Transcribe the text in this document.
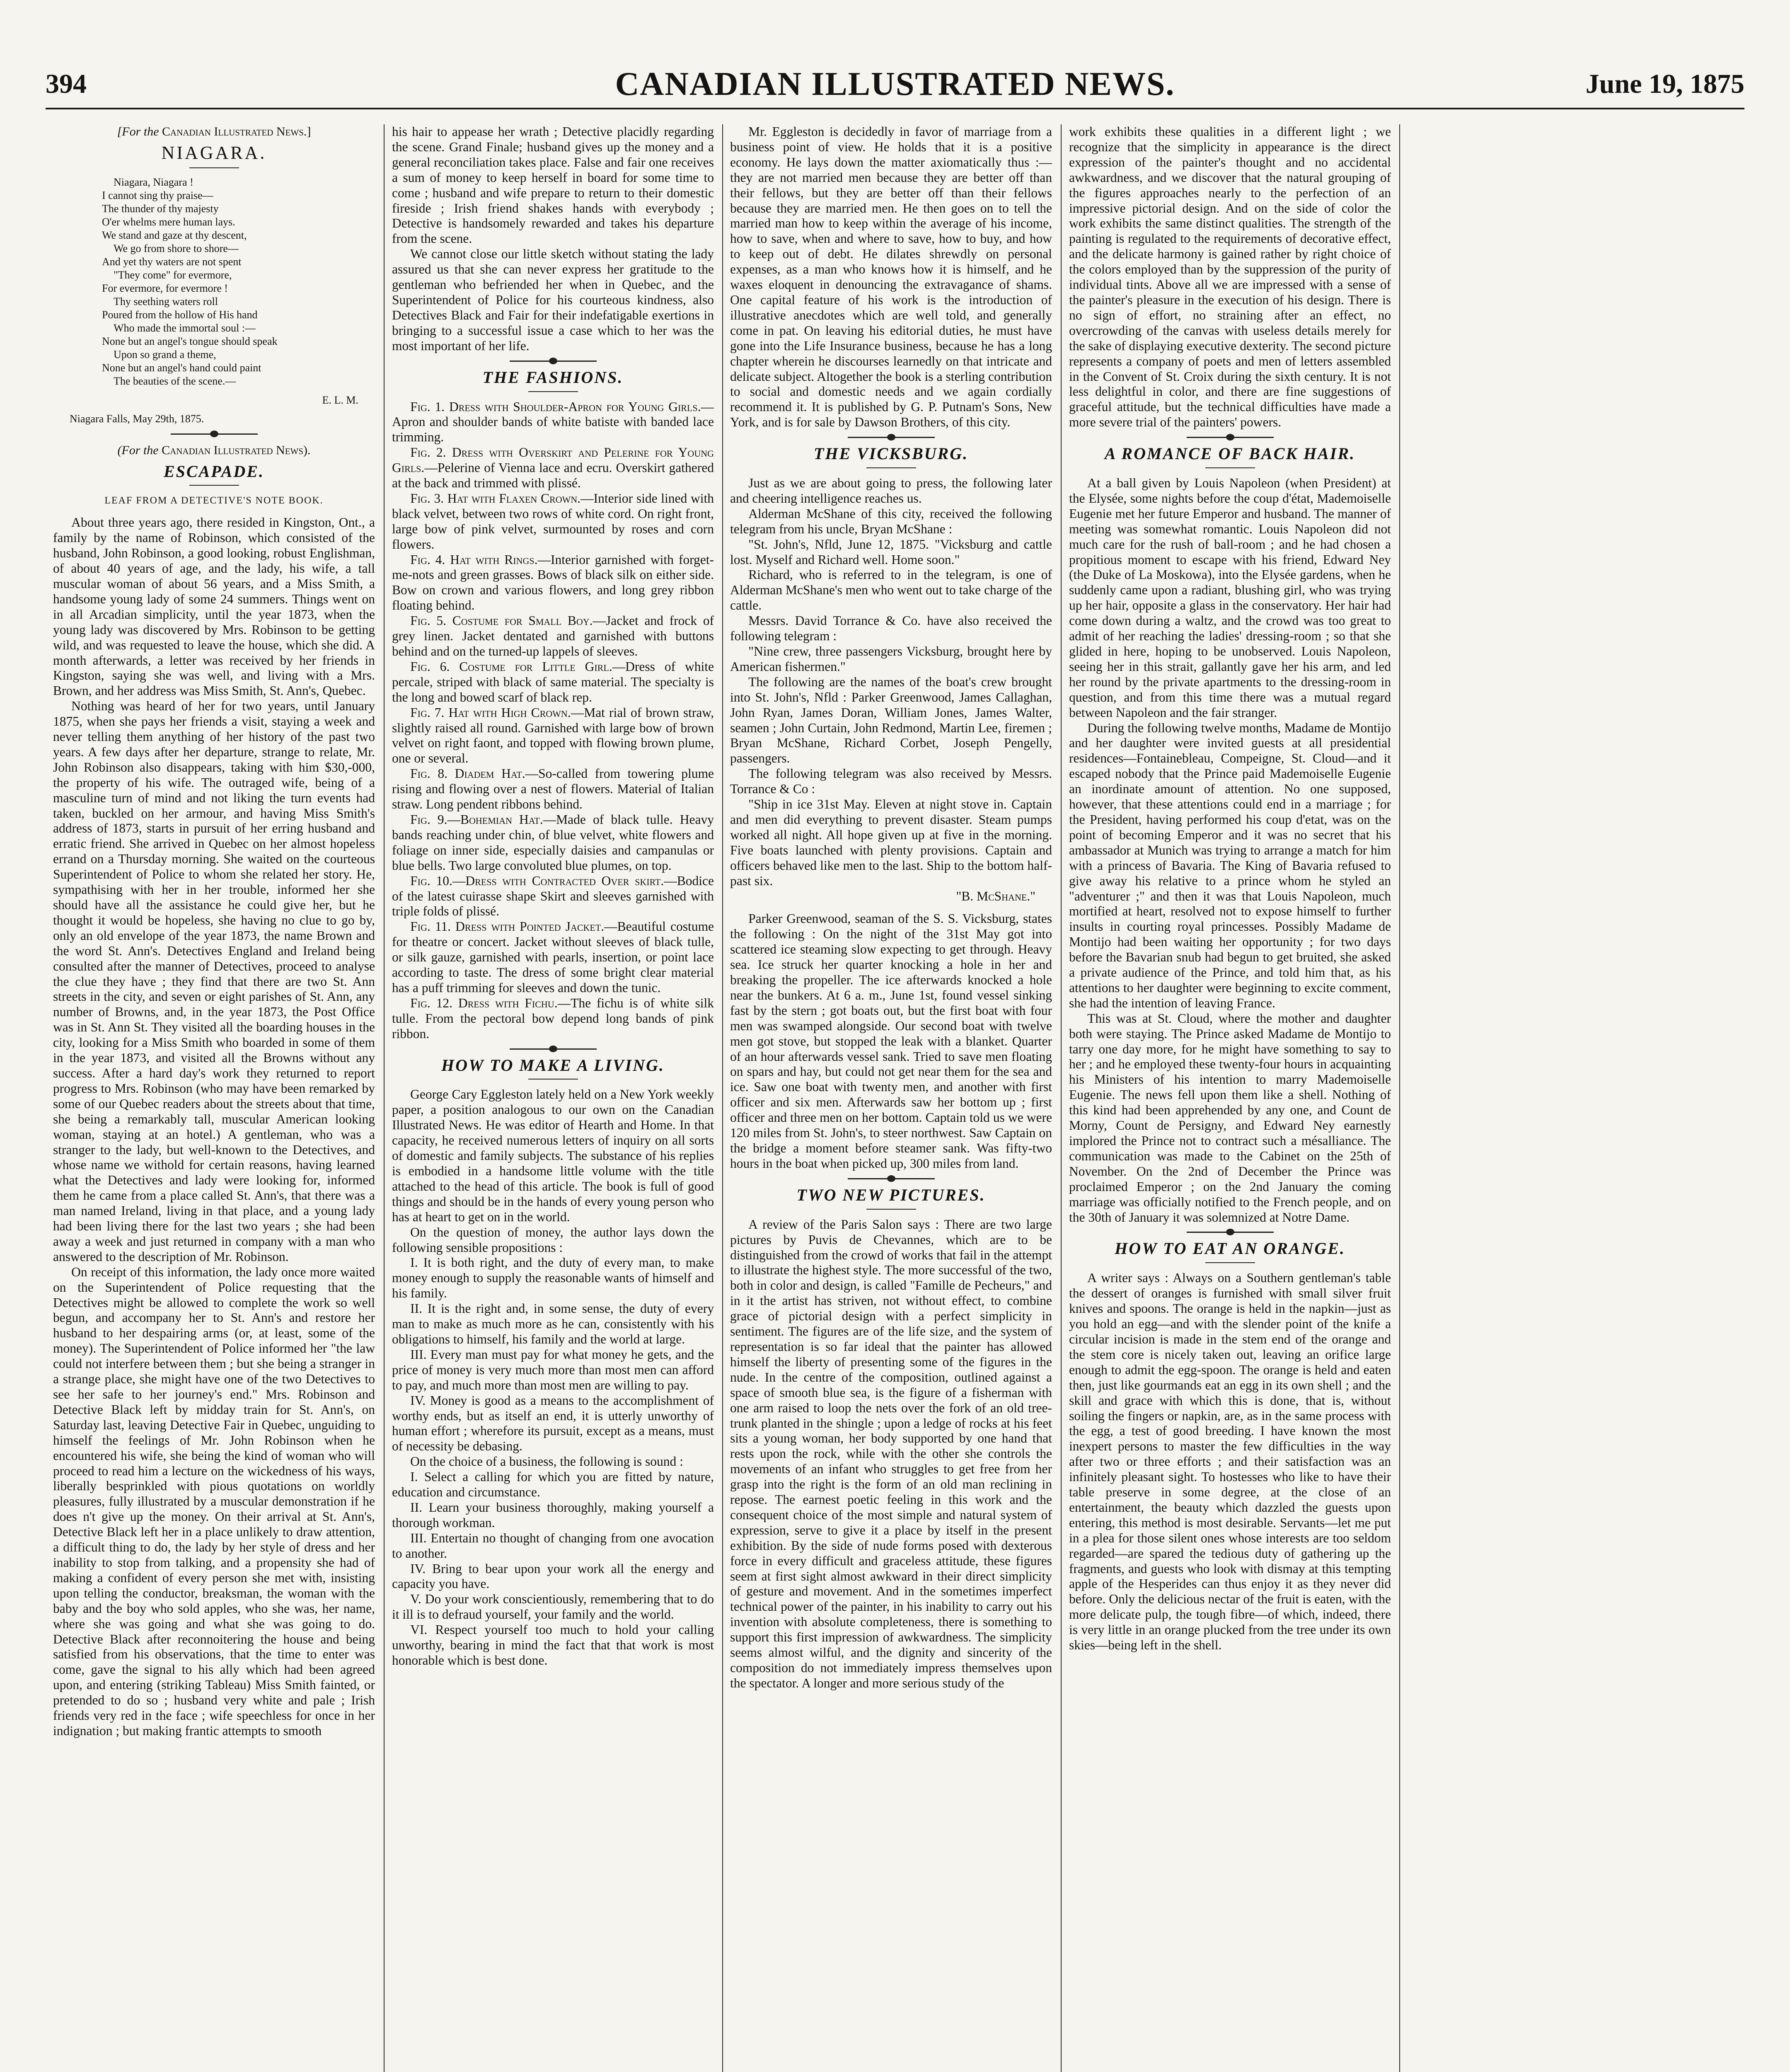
394	CANADIAN ILLUSTRATED NEWS.	June 19, 1875
[For the Canadian Illustrated News.]
NIAGARA.
Niagara, Niagara !
I cannot sing thy praise—
The thunder of thy majesty
O'er whelms mere human lays.
We stand and gaze at thy descent,
We go from shore to shore—
And yet thy waters are not spent
"They come" for evermore,
For evermore, for evermore !
Thy seething waters roll
Poured from the hollow of His hand
Who made the immortal soul :—
None but an angel's tongue should speak
Upon so grand a theme,
None but an angel's hand could paint
The beauties of the scene.—
E. L. M.
Niagara Falls, May 29th, 1875.
(For the Canadian Illustrated News).
ESCAPADE.
LEAF FROM A DETECTIVE'S NOTE BOOK.

About three years ago, there resided in Kingston, Ont., a family by the name of Robinson, which consisted of the husband, John Robinson, a good looking, robust Englishman, of about 40 years of age, and the lady, his wife, a tall muscular woman of about 56 years, and a Miss Smith, a handsome young lady of some 24 summers. Things went on in all Arcadian simplicity, until the year 1873, when the young lady was discovered by Mrs. Robinson to be getting wild, and was requested to leave the house, which she did. A month afterwards, a letter was received by her friends in Kingston, saying she was well, and living with a Mrs. Brown, and her address was Miss Smith, St. Ann's, Quebec.

Nothing was heard of her for two years, until January 1875, when she pays her friends a visit, staying a week and never telling them anything of her history of the past two years. A few days after her departure, strange to relate, Mr. John Robinson also disappears, taking with him $30,-000, the property of his wife. The outraged wife, being of a masculine turn of mind and not liking the turn events had taken, buckled on her armour, and having Miss Smith's address of 1873, starts in pursuit of her erring husband and erratic friend. She arrived in Quebec on her almost hopeless errand on a Thursday morning. She waited on the courteous Superintendent of Police to whom she related her story. He, sympathising with her in her trouble, informed her she should have all the assistance he could give her, but he thought it would be hopeless, she having no clue to go by, only an old envelope of the year 1873, the name Brown and the word St. Ann's. Detectives England and Ireland being consulted after the manner of Detectives, proceed to analyse the clue they have ; they find that there are two St. Ann streets in the city, and seven or eight parishes of St. Ann, any number of Browns, and, in the year 1873, the Post Office was in St. Ann St. They visited all the boarding houses in the city, looking for a Miss Smith who boarded in some of them in the year 1873, and visited all the Browns without any success. After a hard day's work they returned to report progress to Mrs. Robinson (who may have been remarked by some of our Quebec readers about the streets about that time, she being a remarkably tall, muscular American looking woman, staying at an hotel.) A gentleman, who was a stranger to the lady, but well-known to the Detectives, and whose name we withold for certain reasons, having learned what the Detectives and lady were looking for, informed them he came from a place called St. Ann's, that there was a man named Ireland, living in that place, and a young lady had been living there for the last two years ; she had been away a week and just returned in company with a man who answered to the description of Mr. Robinson.

On receipt of this information, the lady once more waited on the Superintendent of Police requesting that the Detectives might be allowed to complete the work so well begun, and accompany her to St. Ann's and restore her husband to her despairing arms (or, at least, some of the money). The Superintendent of Police informed her "the law could not interfere between them ; but she being a stranger in a strange place, she might have one of the two Detectives to see her safe to her journey's end." Mrs. Robinson and Detective Black left by midday train for St. Ann's, on Saturday last, leaving Detective Fair in Quebec, unguiding to himself the feelings of Mr. John Robinson when he encountered his wife, she being the kind of woman who will proceed to read him a lecture on the wickedness of his ways, liberally besprinkled with pious quotations on worldly pleasures, fully illustrated by a muscular demonstration if he does n't give up the money. On their arrival at St. Ann's, Detective Black left her in a place unlikely to draw attention, a difficult thing to do, the lady by her style of dress and her inability to stop from talking, and a propensity she had of making a confident of every person she met with, insisting upon telling the conductor, breaksman, the woman with the baby and the boy who sold apples, who she was, her name, where she was going and what she was going to do. Detective Black after reconnoitering the house and being satisfied from his observations, that the time to enter was come, gave the signal to his ally which had been agreed upon, and entering (striking Tableau) Miss Smith fainted, or pretended to do so ; husband very white and pale ; Irish friends very red in the face ; wife speechless for once in her indignation ; but making frantic attempts to smooth

his hair to appease her wrath ; Detective placidly regarding the scene. Grand Finale; husband gives up the money and a general reconciliation takes place. False and fair one receives a sum of money to keep herself in board for some time to come ; husband and wife prepare to return to their domestic fireside ; Irish friend shakes hands with everybody ; Detective is handsomely rewarded and takes his departure from the scene.

We cannot close our little sketch without stating the lady assured us that she can never express her gratitude to the gentleman who befriended her when in Quebec, and the Superintendent of Police for his courteous kindness, also Detectives Black and Fair for their indefatigable exertions in bringing to a successful issue a case which to her was the most important of her life.

THE FASHIONS.

Fig. 1. Dress with Shoulder-Apron for Young Girls.—Apron and shoulder bands of white batiste with banded lace trimming.

Fig. 2. Dress with Overskirt and Pelerine for Young Girls.—Pelerine of Vienna lace and ecru. Overskirt gathered at the back and trimmed with plissé.

Fig. 3. Hat with Flaxen Crown.—Interior side lined with black velvet, between two rows of white cord. On right front, large bow of pink velvet, surmounted by roses and corn flowers.

Fig. 4. Hat with Rings.—Interior garnished with forget-me-nots and green grasses. Bows of black silk on either side. Bow on crown and various flowers, and long grey ribbon floating behind.

Fig. 5. Costume for Small Boy.—Jacket and frock of grey linen. Jacket dentated and garnished with buttons behind and on the turned-up lappels of sleeves.

Fig. 6. Costume for Little Girl.—Dress of white percale, striped with black of same material. The specialty is the long and bowed scarf of black rep.

Fig. 7. Hat with High Crown.—Mat rial of brown straw, slightly raised all round. Garnished with large bow of brown velvet on right faont, and topped with flowing brown plume, one or several.

Fig. 8. Diadem Hat.—So-called from towering plume rising and flowing over a nest of flowers. Material of Italian straw. Long pendent ribbons behind.

Fig. 9.—Bohemian Hat.—Made of black tulle. Heavy bands reaching under chin, of blue velvet, white flowers and foliage on inner side, especially daisies and campanulas or blue bells. Two large convoluted blue plumes, on top.

Fig. 10.—Dress with Contracted Over skirt.—Bodice of the latest cuirasse shape Skirt and sleeves garnished with triple folds of plissé.

Fig. 11. Dress with Pointed Jacket.—Beautiful costume for theatre or concert. Jacket without sleeves of black tulle, or silk gauze, garnished with pearls, insertion, or point lace according to taste. The dress of some bright clear material has a puff trimming for sleeves and down the tunic.

Fig. 12. Dress with Fichu.—The fichu is of white silk tulle. From the pectoral bow depend long bands of pink ribbon.

HOW TO MAKE A LIVING.

George Cary Eggleston lately held on a New York weekly paper, a position analogous to our own on the Canadian Illustrated News. He was editor of Hearth and Home. In that capacity, he received numerous letters of inquiry on all sorts of domestic and family subjects. The substance of his replies is embodied in a handsome little volume with the title attached to the head of this article. The book is full of good things and should be in the hands of every young person who has at heart to get on in the world.

On the question of money, the author lays down the following sensible propositions :

I. It is both right, and the duty of every man, to make money enough to supply the reasonable wants of himself and his family.

II. It is the right and, in some sense, the duty of every man to make as much more as he can, consistently with his obligations to himself, his family and the world at large.

III. Every man must pay for what money he gets, and the price of money is very much more than most men can afford to pay, and much more than most men are willing to pay.

IV. Money is good as a means to the accomplishment of worthy ends, but as itself an end, it is utterly unworthy of human effort ; wherefore its pursuit, except as a means, must of necessity be debasing.

On the choice of a business, the following is sound :

I. Select a calling for which you are fitted by nature, education and circumstance.

II. Learn your business thoroughly, making yourself a thorough workman.

III. Entertain no thought of changing from one avocation to another.

IV. Bring to bear upon your work all the energy and capacity you have.

V. Do your work conscientiously, remembering that to do it ill is to defraud yourself, your family and the world.

VI. Respect yourself too much to hold your calling unworthy, bearing in mind the fact that that work is most honorable which is best done.

Mr. Eggleston is decidedly in favor of marriage from a business point of view. He holds that it is a positive economy. He lays down the matter axiomatically thus :—they are not married men because they are better off than their fellows, but they are better off than their fellows because they are married men. He then goes on to tell the married man how to keep within the average of his income, how to save, when and where to save, how to buy, and how to keep out of debt. He dilates shrewdly on personal expenses, as a man who knows how it is himself, and he waxes eloquent in denouncing the extravagance of shams. One capital feature of his work is the introduction of illustrative anecdotes which are well told, and generally come in pat. On leaving his editorial duties, he must have gone into the Life Insurance business, because he has a long chapter wherein he discourses learnedly on that intricate and delicate subject. Altogether the book is a sterling contribution to social and domestic needs and we again cordially recommend it. It is published by G. P. Putnam's Sons, New York, and is for sale by Dawson Brothers, of this city.

THE VICKSBURG.

Just as we are about going to press, the following later and cheering intelligence reaches us.

Alderman McShane of this city, received the following telegram from his uncle, Bryan McShane :

"St. John's, Nfld, June 12, 1875. "Vicksburg and cattle lost. Myself and Richard well. Home soon."

Richard, who is referred to in the telegram, is one of Alderman McShane's men who went out to take charge of the cattle.

Messrs. David Torrance & Co. have also received the following telegram :

"Nine crew, three passengers Vicksburg, brought here by American fishermen."

The following are the names of the boat's crew brought into St. John's, Nfld : Parker Greenwood, James Callaghan, John Ryan, James Doran, William Jones, James Walter, seamen ; John Curtain, John Redmond, Martin Lee, firemen ; Bryan McShane, Richard Corbet, Joseph Pengelly, passengers.

The following telegram was also received by Messrs. Torrance & Co :

"Ship in ice 31st May. Eleven at night stove in. Captain and men did everything to prevent disaster. Steam pumps worked all night. All hope given up at five in the morning. Five boats launched with plenty provisions. Captain and officers behaved like men to the last. Ship to the bottom half-past six.

"B. McShane."

Parker Greenwood, seaman of the S. S. Vicksburg, states the following : On the night of the 31st May got into scattered ice steaming slow expecting to get through. Heavy sea. Ice struck her quarter knocking a hole in her and breaking the propeller. The ice afterwards knocked a hole near the bunkers. At 6 a. m., June 1st, found vessel sinking fast by the stern ; got boats out, but the first boat with four men was swamped alongside. Our second boat with twelve men got stove, but stopped the leak with a blanket. Quarter of an hour afterwards vessel sank. Tried to save men floating on spars and hay, but could not get near them for the sea and ice. Saw one boat with twenty men, and another with first officer and six men. Afterwards saw her bottom up ; first officer and three men on her bottom. Captain told us we were 120 miles from St. John's, to steer northwest. Saw Captain on the bridge a moment before steamer sank. Was fifty-two hours in the boat when picked up, 300 miles from land.

TWO NEW PICTURES.

A review of the Paris Salon says : There are two large pictures by Puvis de Chevannes, which are to be distinguished from the crowd of works that fail in the attempt to illustrate the highest style. The more successful of the two, both in color and design, is called "Famille de Pecheurs," and in it the artist has striven, not without effect, to combine grace of pictorial design with a perfect simplicity in sentiment. The figures are of the life size, and the system of representation is so far ideal that the painter has allowed himself the liberty of presenting some of the figures in the nude. In the centre of the composition, outlined against a space of smooth blue sea, is the figure of a fisherman with one arm raised to loop the nets over the fork of an old tree-trunk planted in the shingle ; upon a ledge of rocks at his feet sits a young woman, her body supported by one hand that rests upon the rock, while with the other she controls the movements of an infant who struggles to get free from her grasp into the right is the form of an old man reclining in repose. The earnest poetic feeling in this work and the consequent choice of the most simple and natural system of expression, serve to give it a place by itself in the present exhibition. By the side of nude forms posed with dexterous force in every difficult and graceless attitude, these figures seem at first sight almost awkward in their direct simplicity of gesture and movement. And in the sometimes imperfect technical power of the painter, in his inability to carry out his invention with absolute completeness, there is something to support this first impression of awkwardness. The simplicity seems almost wilful, and the dignity and sincerity of the composition do not immediately impress themselves upon the spectator. A longer and more serious study of the

work exhibits these qualities in a different light ; we recognize that the simplicity in appearance is the direct expression of the painter's thought and no accidental awkwardness, and we discover that the natural grouping of the figures approaches nearly to the perfection of an impressive pictorial design. And on the side of color the work exhibits the same distinct qualities. The strength of the painting is regulated to the requirements of decorative effect, and the delicate harmony is gained rather by right choice of the colors employed than by the suppression of the purity of individual tints. Above all we are impressed with a sense of the painter's pleasure in the execution of his design. There is no sign of effort, no straining after an effect, no overcrowding of the canvas with useless details merely for the sake of displaying executive dexterity. The second picture represents a company of poets and men of letters assembled in the Convent of St. Croix during the sixth century. It is not less delightful in color, and there are fine suggestions of graceful attitude, but the technical difficulties have made a more severe trial of the painters' powers.

A ROMANCE OF BACK HAIR.

At a ball given by Louis Napoleon (when President) at the Elysée, some nights before the coup d'état, Mademoiselle Eugenie met her future Emperor and husband. The manner of meeting was somewhat romantic. Louis Napoleon did not much care for the rush of ball-room ; and he had chosen a propitious moment to escape with his friend, Edward Ney (the Duke of La Moskowa), into the Elysée gardens, when he suddenly came upon a radiant, blushing girl, who was trying up her hair, opposite a glass in the conservatory. Her hair had come down during a waltz, and the crowd was too great to admit of her reaching the ladies' dressing-room ; so that she glided in here, hoping to be unobserved. Louis Napoleon, seeing her in this strait, gallantly gave her his arm, and led her round by the private apartments to the dressing-room in question, and from this time there was a mutual regard between Napoleon and the fair stranger.

During the following twelve months, Madame de Montijo and her daughter were invited guests at all presidential residences—Fontainebleau, Compeigne, St. Cloud—and it escaped nobody that the Prince paid Mademoiselle Eugenie an inordinate amount of attention. No one supposed, however, that these attentions could end in a marriage ; for the President, having performed his coup d'etat, was on the point of becoming Emperor and it was no secret that his ambassador at Munich was trying to arrange a match for him with a princess of Bavaria. The King of Bavaria refused to give away his relative to a prince whom he styled an "adventurer ;" and then it was that Louis Napoleon, much mortified at heart, resolved not to expose himself to further insults in courting royal princesses. Possibly Madame de Montijo had been waiting her opportunity ; for two days before the Bavarian snub had begun to get bruited, she asked a private audience of the Prince, and told him that, as his attentions to her daughter were beginning to excite comment, she had the intention of leaving France.

This was at St. Cloud, where the mother and daughter both were staying. The Prince asked Madame de Montijo to tarry one day more, for he might have something to say to her ; and he employed these twenty-four hours in acquainting his Ministers of his intention to marry Mademoiselle Eugenie. The news fell upon them like a shell. Nothing of this kind had been apprehended by any one, and Count de Morny, Count de Persigny, and Edward Ney earnestly implored the Prince not to contract such a mésalliance. The communication was made to the Cabinet on the 25th of November. On the 2nd of December the Prince was proclaimed Emperor ; on the 2nd January the coming marriage was officially notified to the French people, and on the 30th of January it was solemnized at Notre Dame.

HOW TO EAT AN ORANGE.

A writer says : Always on a Southern gentleman's table the dessert of oranges is furnished with small silver fruit knives and spoons. The orange is held in the napkin—just as you hold an egg—and with the slender point of the knife a circular incision is made in the stem end of the orange and the stem core is nicely taken out, leaving an orifice large enough to admit the egg-spoon. The orange is held and eaten then, just like gourmands eat an egg in its own shell ; and the skill and grace with which this is done, that is, without soiling the fingers or napkin, are, as in the same process with the egg, a test of good breeding. I have known the most inexpert persons to master the few difficulties in the way after two or three efforts ; and their satisfaction was an infinitely pleasant sight. To hostesses who like to have their table preserve in some degree, at the close of an entertainment, the beauty which dazzled the guests upon entering, this method is most desirable. Servants—let me put in a plea for those silent ones whose interests are too seldom regarded—are spared the tedious duty of gathering up the fragments, and guests who look with dismay at this tempting apple of the Hesperides can thus enjoy it as they never did before. Only the delicious nectar of the fruit is eaten, with the more delicate pulp, the tough fibre—of which, indeed, there is very little in an orange plucked from the tree under its own skies—being left in the shell.
